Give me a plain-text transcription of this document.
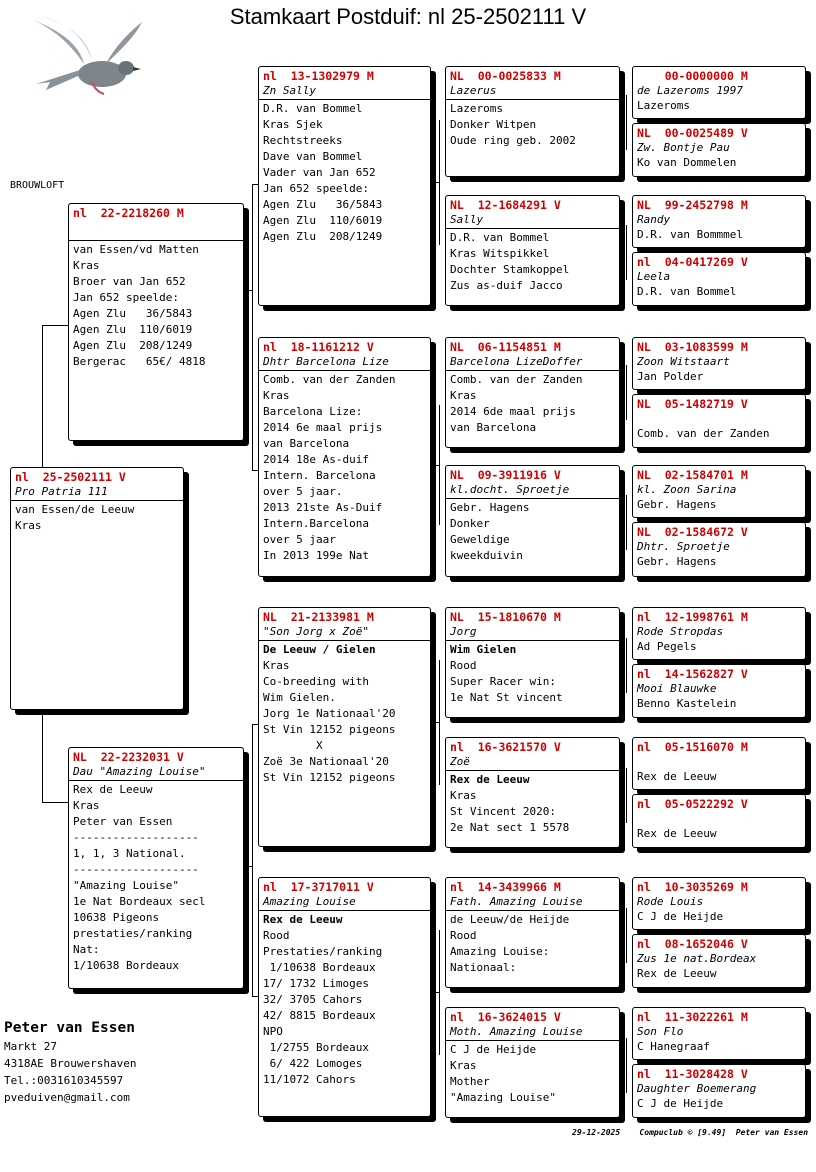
Stamkaart Postduif: nl 25-2502111 V
BROUWLOFT
nl  25-2502111 V
Pro Patria 111
van Essen/de Leeuw
Kras
nl  22-2218260 M
van Essen/vd Matten
Kras
Broer van Jan 652
Jan 652 speelde:
Agen Zlu   36/5843
Agen Zlu  110/6019
Agen Zlu  208/1249
Bergerac   65€/ 4818
NL  22-2232031 V
Dau "Amazing Louise"
Rex de Leeuw
Kras
Peter van Essen
-------------------
1, 1, 3 National.
-------------------
"Amazing Louise"
1e Nat Bordeaux secl
10638 Pigeons
prestaties/ranking
Nat:
1/10638 Bordeaux
nl  13-1302979 M
Zn Sally
D.R. van Bommel
Kras Sjek
Rechtstreeks
Dave van Bommel
Vader van Jan 652
Jan 652 speelde:
Agen Zlu   36/5843
Agen Zlu  110/6019
Agen Zlu  208/1249
nl  18-1161212 V
Dhtr Barcelona Lize
Comb. van der Zanden
Kras
Barcelona Lize:
2014 6e maal prijs
van Barcelona
2014 18e As-duif
Intern. Barcelona
over 5 jaar.
2013 21ste As-Duif
Intern.Barcelona
over 5 jaar
In 2013 199e Nat
NL  21-2133981 M
"Son Jorg x Zoë"
De Leeuw / Gielen
Kras
Co-breeding with
Wim Gielen.
Jorg 1e Nationaal'20
St Vin 12152 pigeons
X
Zoë 3e Nationaal'20
St Vin 12152 pigeons
nl  17-3717011 V
Amazing Louise
Rex de Leeuw
Rood
Prestaties/ranking
1/10638 Bordeaux
17/ 1732 Limoges
32/ 3705 Cahors
42/ 8815 Bordeaux
NPO
1/2755 Bordeaux
6/ 422 Lomoges
11/1072 Cahors
NL  00-0025833 M
Lazerus
Lazeroms
Donker Witpen
Oude ring geb. 2002
NL  12-1684291 V
Sally
D.R. van Bommel
Kras Witspikkel
Dochter Stamkoppel
Zus as-duif Jacco
NL  06-1154851 M
Barcelona LizeDoffer
Comb. van der Zanden
Kras
2014 6de maal prijs
van Barcelona
NL  09-3911916 V
kl.docht. Sproetje
Gebr. Hagens
Donker
Geweldige
kweekduivin
NL  15-1810670 M
Jorg
Wim Gielen
Rood
Super Racer win:
1e Nat St vincent
nl  16-3621570 V
Zoë
Rex de Leeuw
Kras
St Vincent 2020:
2e Nat sect 1 5578
nl  14-3439966 M
Fath. Amazing Louise
de Leeuw/de Heijde
Rood
Amazing Louise:
Nationaal:
nl  16-3624015 V
Moth. Amazing Louise
C J de Heijde
Kras
Mother
"Amazing Louise"
00-0000000 M
de Lazeroms 1997
Lazeroms
NL  00-0025489 V
Zw. Bontje Pau
Ko van Dommelen
NL  99-2452798 M
Randy
D.R. van Bommmel
nl  04-0417269 V
Leela
D.R. van Bommel
NL  03-1083599 M
Zoon Witstaart
Jan Polder
NL  05-1482719 V
Comb. van der Zanden
NL  02-1584701 M
kl. Zoon Sarina
Gebr. Hagens
NL  02-1584672 V
Dhtr. Sproetje
Gebr. Hagens
nl  12-1998761 M
Rode Stropdas
Ad Pegels
nl  14-1562827 V
Mooi Blauwke
Benno Kastelein
nl  05-1516070 M
Rex de Leeuw
nl  05-0522292 V
Rex de Leeuw
nl  10-3035269 M
Rode Louis
C J de Heijde
nl  08-1652046 V
Zus 1e nat.Bordeax
Rex de Leeuw
nl  11-3022261 M
Son Flo
C Hanegraaf
nl  11-3028428 V
Daughter Boemerang
C J de Heijde
Peter van Essen
Markt 27
4318AE Brouwershaven
Tel.:0031610345597
pveduiven@gmail.com
29-12-2025    Compuclub © [9.49]  Peter van Essen
